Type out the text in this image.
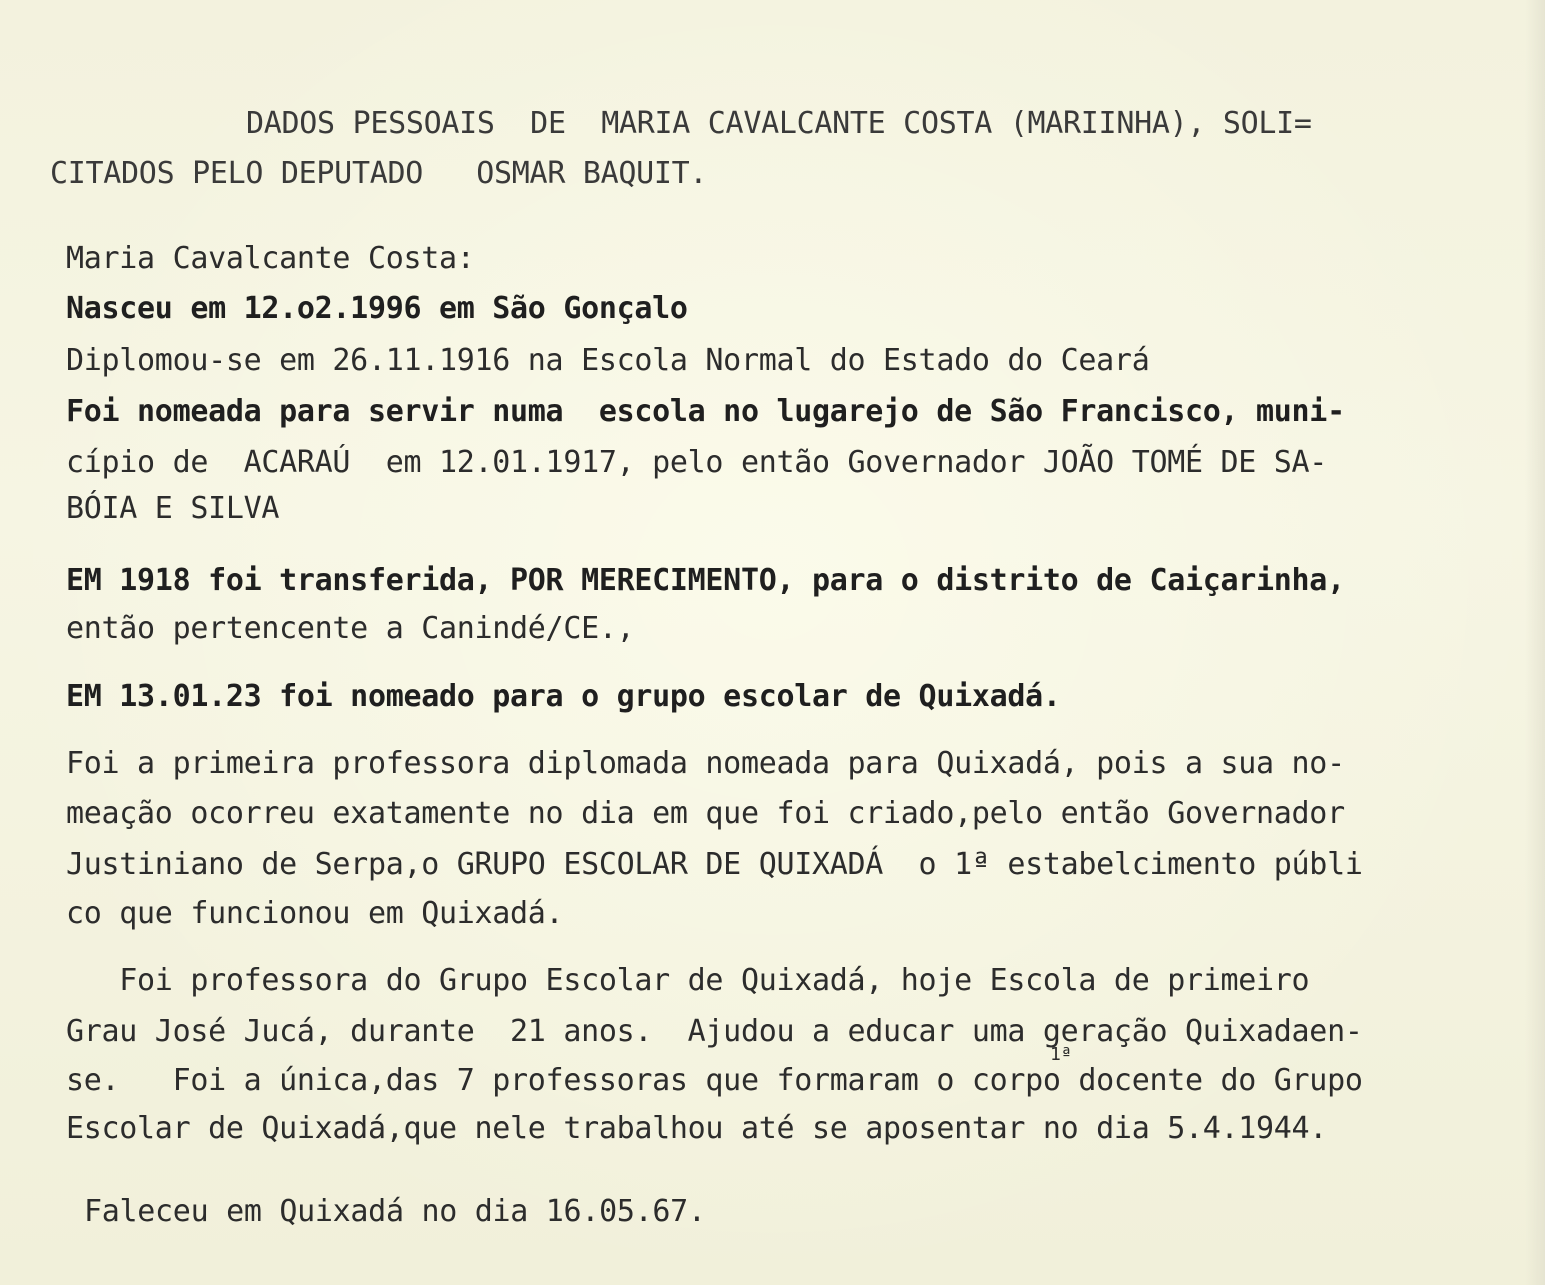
DADOS PESSOAIS  DE  MARIA CAVALCANTE COSTA (MARIINHA), SOLI=

CITADOS PELO DEPUTADO   OSMAR BAQUIT.

Maria Cavalcante Costa:

Nasceu em 12.o2.1996 em São Gonçalo

Diplomou-se em 26.11.1916 na Escola Normal do Estado do Ceará

Foi nomeada para servir numa  escola no lugarejo de São Francisco, muni-

cípio de  ACARAÚ  em 12.01.1917, pelo então Governador JOÃO TOMÉ DE SA-

BÓIA E SILVA

EM 1918 foi transferida, POR MERECIMENTO, para o distrito de Caiçarinha,

então pertencente a Canindé/CE.,

EM 13.01.23 foi nomeado para o grupo escolar de Quixadá.

Foi a primeira professora diplomada nomeada para Quixadá, pois a sua no-

meação ocorreu exatamente no dia em que foi criado,pelo então Governador

Justiniano de Serpa,o GRUPO ESCOLAR DE QUIXADÁ  o 1ª estabelcimento públi

co que funcionou em Quixadá.

Foi professora do Grupo Escolar de Quixadá, hoje Escola de primeiro

Grau José Jucá, durante  21 anos.  Ajudou a educar uma geração Quixadaen-

1ª

se.   Foi a única,das 7 professoras que formaram o corpo docente do Grupo

Escolar de Quixadá,que nele trabalhou até se aposentar no dia 5.4.1944.

Faleceu em Quixadá no dia 16.05.67.
